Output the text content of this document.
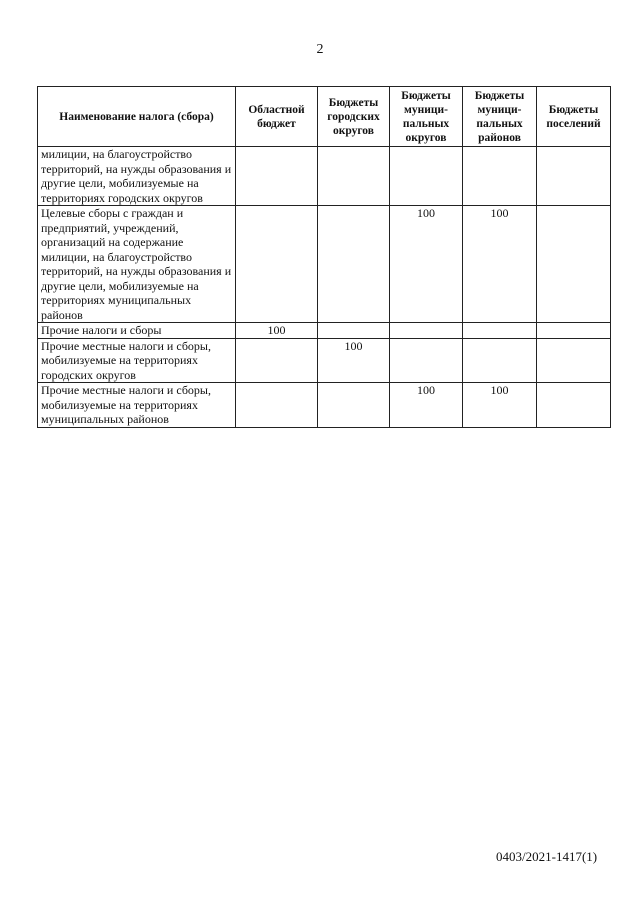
2
Наименование налога (сбора)	Областной бюджет	Бюджеты городских округов	Бюджеты муници- пальных округов	Бюджеты муници- пальных районов	Бюджеты поселений
милиции, на благоустройство территорий, на нужды образования и другие цели, мобилизуемые на территориях городских округов					
Целевые сборы с граждан и предприятий, учреждений, организаций на содержание милиции, на благоустройство территорий, на нужды образования и другие цели, мобилизуемые на территориях муниципальных районов			100	100	
Прочие налоги и сборы	100				
Прочие местные налоги и сборы, мобилизуемые на территориях городских округов		100			
Прочие местные налоги и сборы, мобилизуемые на территориях муниципальных районов			100	100	
0403/2021-1417(1)
